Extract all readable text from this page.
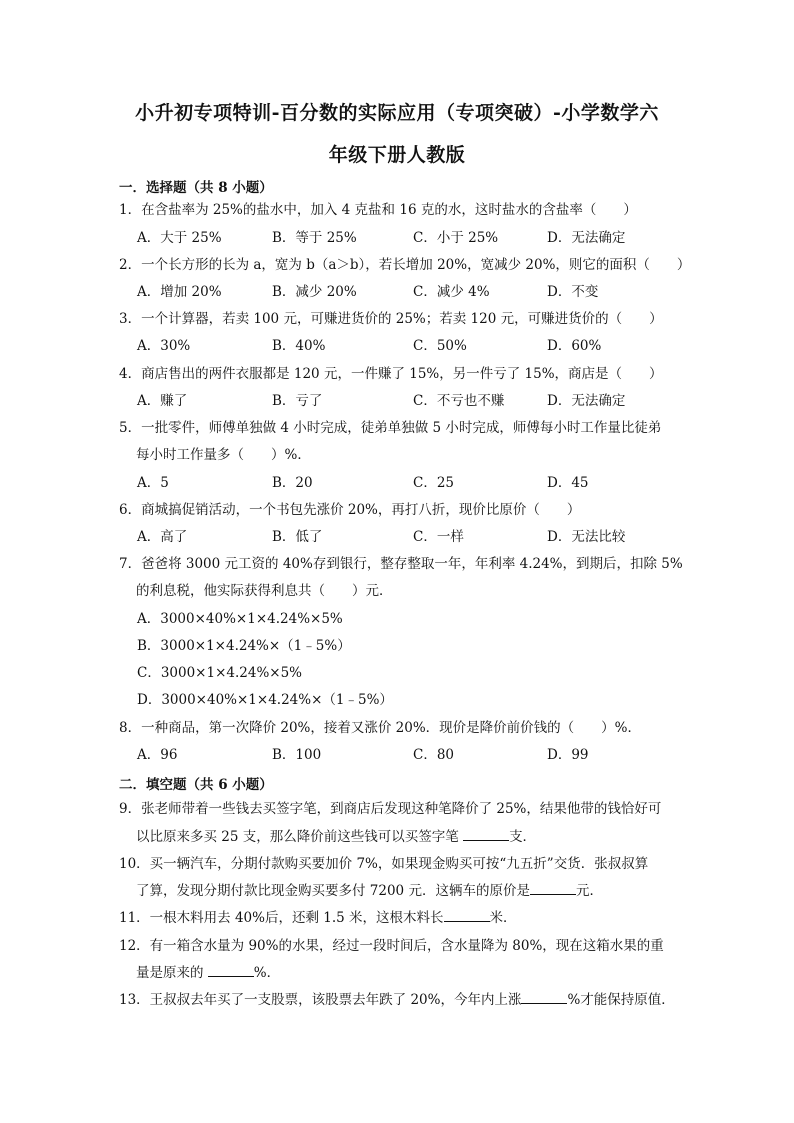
小升初专项特训-百分数的实际应用（专项突破）-小学数学六
年级下册人教版
一．选择题（共 8 小题）
1．在含盐率为 25%的盐水中，加入 4 克盐和 16 克的水，这时盐水的含盐率（　　）
A．大于 25%	B．等于 25%	C．小于 25%	D．无法确定
2．一个长方形的长为 a，宽为 b（a＞b），若长增加 20%，宽减少 20%，则它的面积（　　）
A．增加 20%	B．减少 20%	C．减少 4%	D．不变
3．一个计算器，若卖 100 元，可赚进货价的 25%；若卖 120 元，可赚进货价的（　　）
A．30%	B．40%	C．50%	D．60%
4．商店售出的两件衣服都是 120 元，一件赚了 15%，另一件亏了 15%，商店是（　　）
A．赚了	B．亏了	C．不亏也不赚	D．无法确定
5．一批零件，师傅单独做 4 小时完成，徒弟单独做 5 小时完成，师傅每小时工作量比徒弟
每小时工作量多（　　）%．
A．5	B．20	C．25	D．45
6．商城搞促销活动，一个书包先涨价 20%，再打八折，现价比原价（　　）
A．高了	B．低了	C．一样	D．无法比较
7．爸爸将 3000 元工资的 40%存到银行，整存整取一年，年利率 4.24%，到期后，扣除 5%
的利息税，他实际获得利息共（　　）元．
A．3000×40%×1×4.24%×5%
B．3000×1×4.24%×（1﹣5%）
C．3000×1×4.24%×5%
D．3000×40%×1×4.24%×（1﹣5%）
8．一种商品，第一次降价 20%，接着又涨价 20%．现价是降价前价钱的（　　）%．
A．96	B．100	C．80	D．99
二．填空题（共 6 小题）
9．张老师带着一些钱去买签字笔，到商店后发现这种笔降价了 25%，结果他带的钱恰好可
以比原来多买 25 支，那么降价前这些钱可以买签字笔	支．
10．买一辆汽车，分期付款购买要加价 7%，如果现金购买可按“九五折”交货．张叔叔算
了算，发现分期付款比现金购买要多付 7200 元．这辆车的原价是	元．
11．一根木料用去 40%后，还剩 1.5 米，这根木料长	米．
12．有一箱含水量为 90%的水果，经过一段时间后，含水量降为 80%，现在这箱水果的重
量是原来的	%．
13．王叔叔去年买了一支股票，该股票去年跌了 20%，今年内上涨	%才能保持原值．
